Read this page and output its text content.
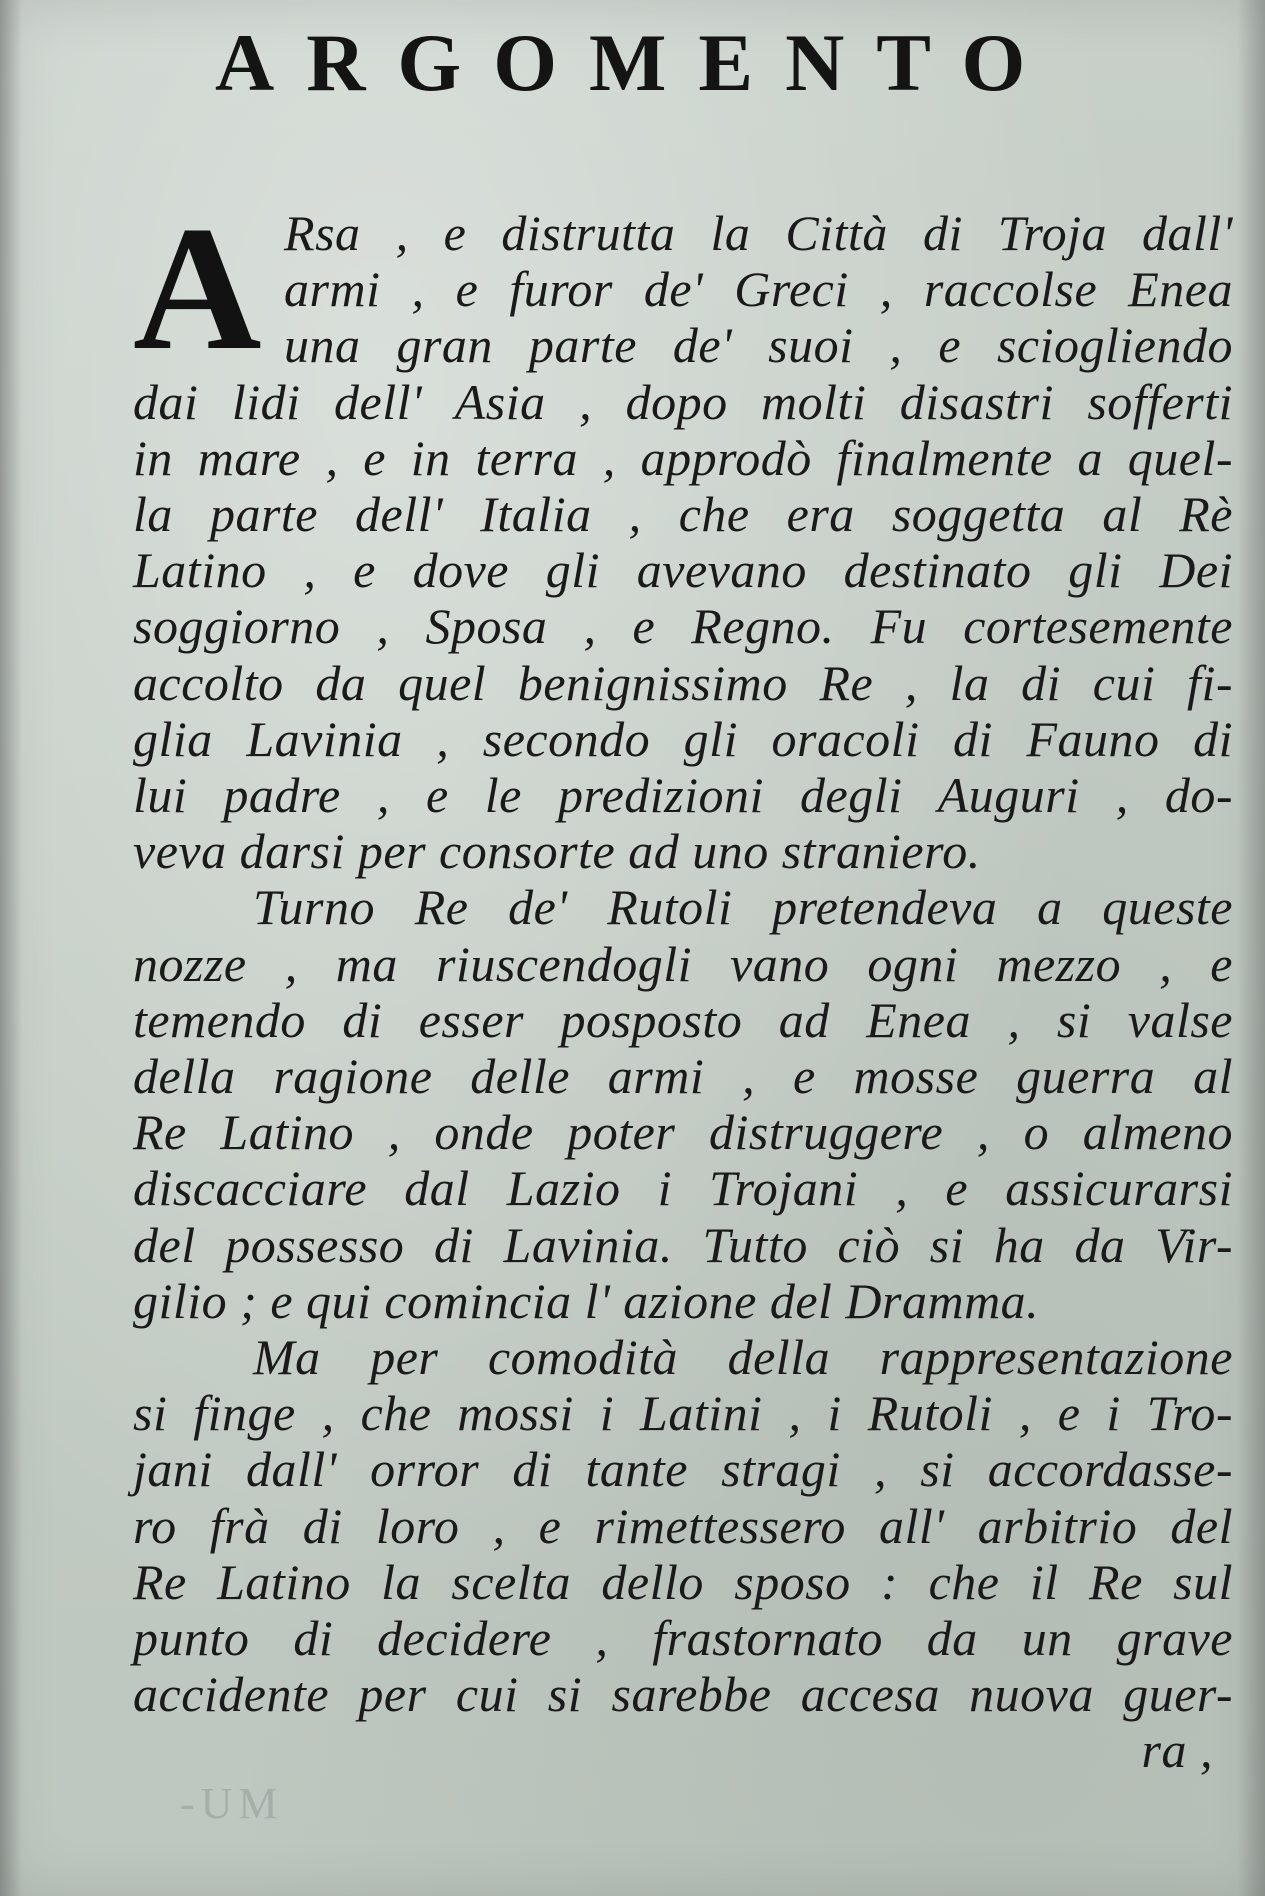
ARGOMENTO
A Rsa , e distrutta la Città di Troja dall'
armi , e furor de' Greci , raccolse Enea
una gran parte de' suoi , e sciogliendo
dai lidi dell' Asia , dopo molti disastri sofferti
in mare , e in terra , approdò finalmente a quel-
la parte dell' Italia , che era soggetta al Rè
Latino , e dove gli avevano destinato gli Dei
soggiorno , Sposa , e Regno. Fu cortesemente
accolto da quel benignissimo Re , la di cui fi-
glia Lavinia , secondo gli oracoli di Fauno di
lui padre , e le predizioni degli Auguri , do-
veva darsi per consorte ad uno straniero.
Turno Re de' Rutoli pretendeva a queste
nozze , ma riuscendogli vano ogni mezzo , e
temendo di esser posposto ad Enea , si valse
della ragione delle armi , e mosse guerra al
Re Latino , onde poter distruggere , o almeno
discacciare dal Lazio i Trojani , e assicurarsi
del possesso di Lavinia. Tutto ciò si ha da Vir-
gilio ; e qui comincia l' azione del Dramma.
Ma per comodità della rappresentazione
si finge , che mossi i Latini , i Rutoli , e i Tro-
jani dall' orror di tante stragi , si accordasse-
ro frà di loro , e rimettessero all' arbitrio del
Re Latino la scelta dello sposo : che il Re sul
punto di decidere , frastornato da un grave
accidente per cui si sarebbe accesa nuova guer-
ra ,
-UM
